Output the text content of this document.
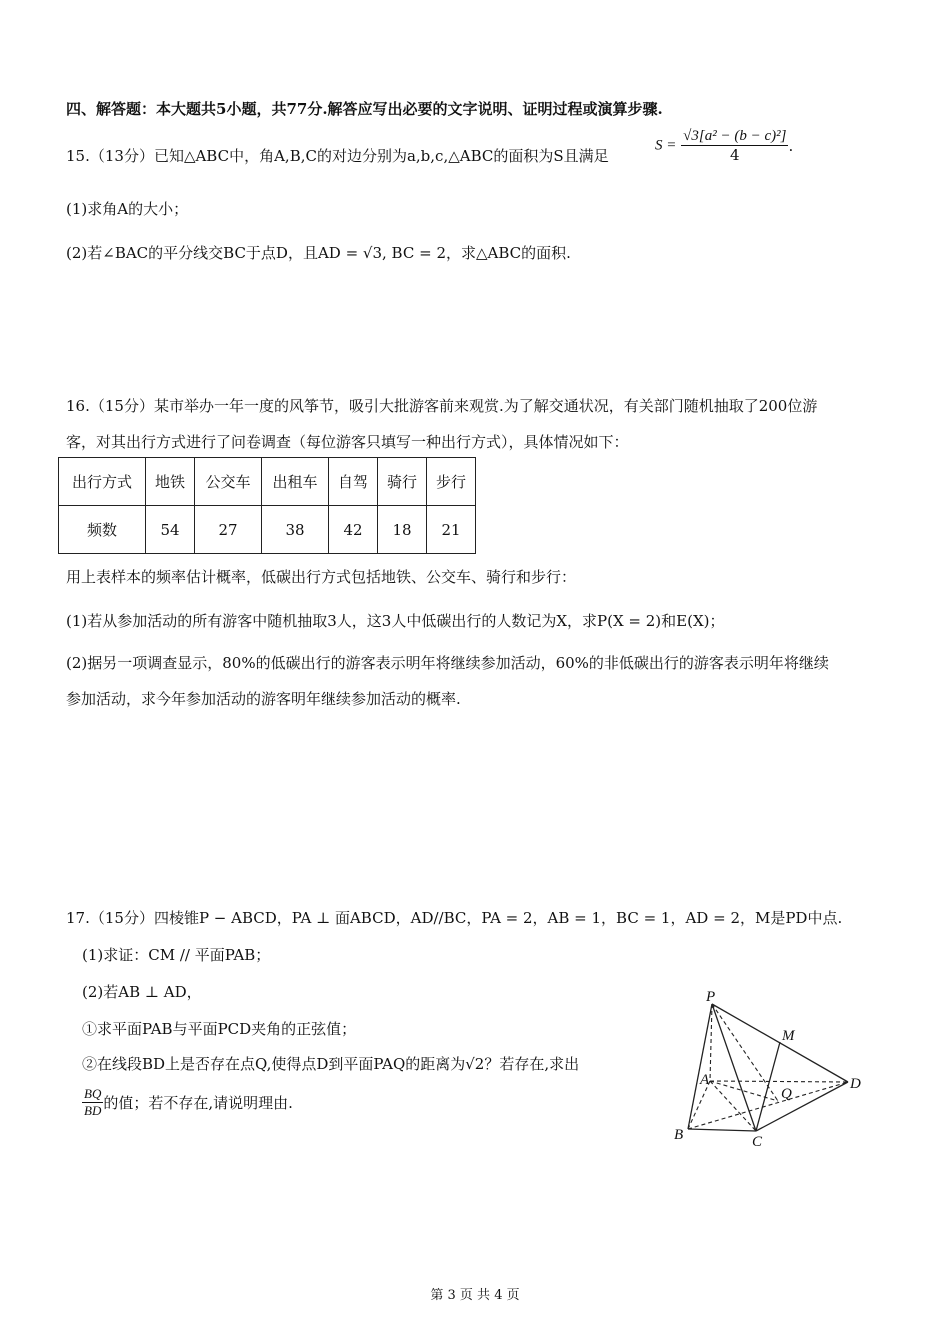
四、解答题：本大题共5小题，共77分.解答应写出必要的文字说明、证明过程或演算步骤.
15.（13分）已知△ABC中，角A,B,C的对边分别为a,b,c,△ABC的面积为S且满足
$S = \frac{\text{√3[a² − (b − c)²]}}{4}$ .
(1)求角A的大小；
(2)若∠BAC的平分线交BC于点D，且AD = √3, BC = 2，求△ABC的面积.
16.（15分）某市举办一年一度的风筝节，吸引大批游客前来观赏.为了解交通状况，有关部门随机抽取了200位游
客，对其出行方式进行了问卷调查（每位游客只填写一种出行方式），具体情况如下：
出行方式	地铁	公交车	出租车	自驾	骑行	步行
频数	54	27	38	42	18	21
用上表样本的频率估计概率，低碳出行方式包括地铁、公交车、骑行和步行：
(1)若从参加活动的所有游客中随机抽取3人，这3人中低碳出行的人数记为X，求P(X = 2)和E(X)；
(2)据另一项调查显示，80%的低碳出行的游客表示明年将继续参加活动，60%的非低碳出行的游客表示明年将继续
参加活动，求今年参加活动的游客明年继续参加活动的概率.
17.（15分）四棱锥P − ABCD，PA ⊥ 面ABCD，AD//BC，PA = 2，AB = 1，BC = 1，AD = 2，M是PD中点.
(1)求证：CM // 平面PAB；
(2)若AB ⊥ AD，
①求平面PAB与平面PCD夹角的正弦值；
②在线段BD上是否存在点Q,使得点D到平面PAQ的距离为√2？若存在,求出
$\frac{BQ}{BD}$ 的值；若不存在,请说明理由.
P
M
A
Q
D
B	C
第 3 页 共 4 页
